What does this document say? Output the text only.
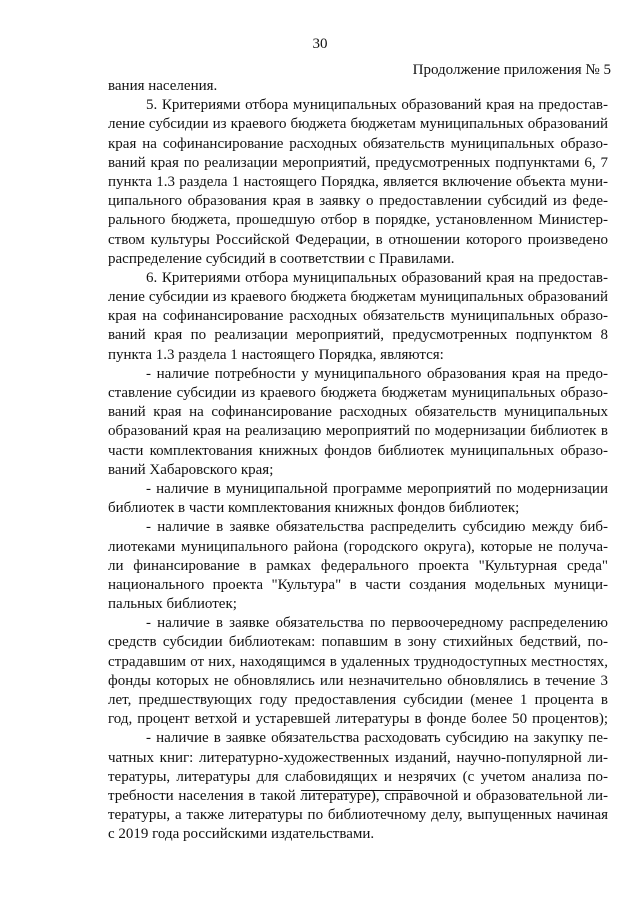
30
Продолжение приложения № 5
вания населения.
5. Критериями отбора муниципальных образований края на предостав-
ление субсидии из краевого бюджета бюджетам муниципальных образований
края на софинансирование расходных обязательств муниципальных образо-
ваний края по реализации мероприятий, предусмотренных подпунктами 6, 7
пункта 1.3 раздела 1 настоящего Порядка, является включение объекта муни-
ципального образования края в заявку о предоставлении субсидий из феде-
рального бюджета, прошедшую отбор в порядке, установленном Министер-
ством культуры Российской Федерации, в отношении которого произведено
распределение субсидий в соответствии с Правилами.
6. Критериями отбора муниципальных образований края на предостав-
ление субсидии из краевого бюджета бюджетам муниципальных образований
края на софинансирование расходных обязательств муниципальных образо-
ваний края по реализации мероприятий, предусмотренных подпунктом 8
пункта 1.3 раздела 1 настоящего Порядка, являются:
- наличие потребности у муниципального образования края на предо-
ставление субсидии из краевого бюджета бюджетам муниципальных образо-
ваний края на софинансирование расходных обязательств муниципальных
образований края на реализацию мероприятий по модернизации библиотек в
части комплектования книжных фондов библиотек муниципальных образо-
ваний Хабаровского края;
- наличие в муниципальной программе мероприятий по модернизации
библиотек в части комплектования книжных фондов библиотек;
- наличие в заявке обязательства распределить субсидию между биб-
лиотеками муниципального района (городского округа), которые не получа-
ли финансирование в рамках федерального проекта "Культурная среда"
национального проекта "Культура" в части создания модельных муници-
пальных библиотек;
- наличие в заявке обязательства по первоочередному распределению
средств субсидии библиотекам: попавшим в зону стихийных бедствий, по-
страдавшим от них, находящимся в удаленных труднодоступных местностях,
фонды которых не обновлялись или незначительно обновлялись в течение 3
лет, предшествующих году предоставления субсидии (менее 1 процента в
год, процент ветхой и устаревшей литературы в фонде более 50 процентов);
- наличие в заявке обязательства расходовать субсидию на закупку пе-
чатных книг: литературно-художественных изданий, научно-популярной ли-
тературы, литературы для слабовидящих и незрячих (с учетом анализа по-
требности населения в такой литературе), справочной и образовательной ли-
тературы, а также литературы по библиотечному делу, выпущенных начиная
с 2019 года российскими издательствами.
